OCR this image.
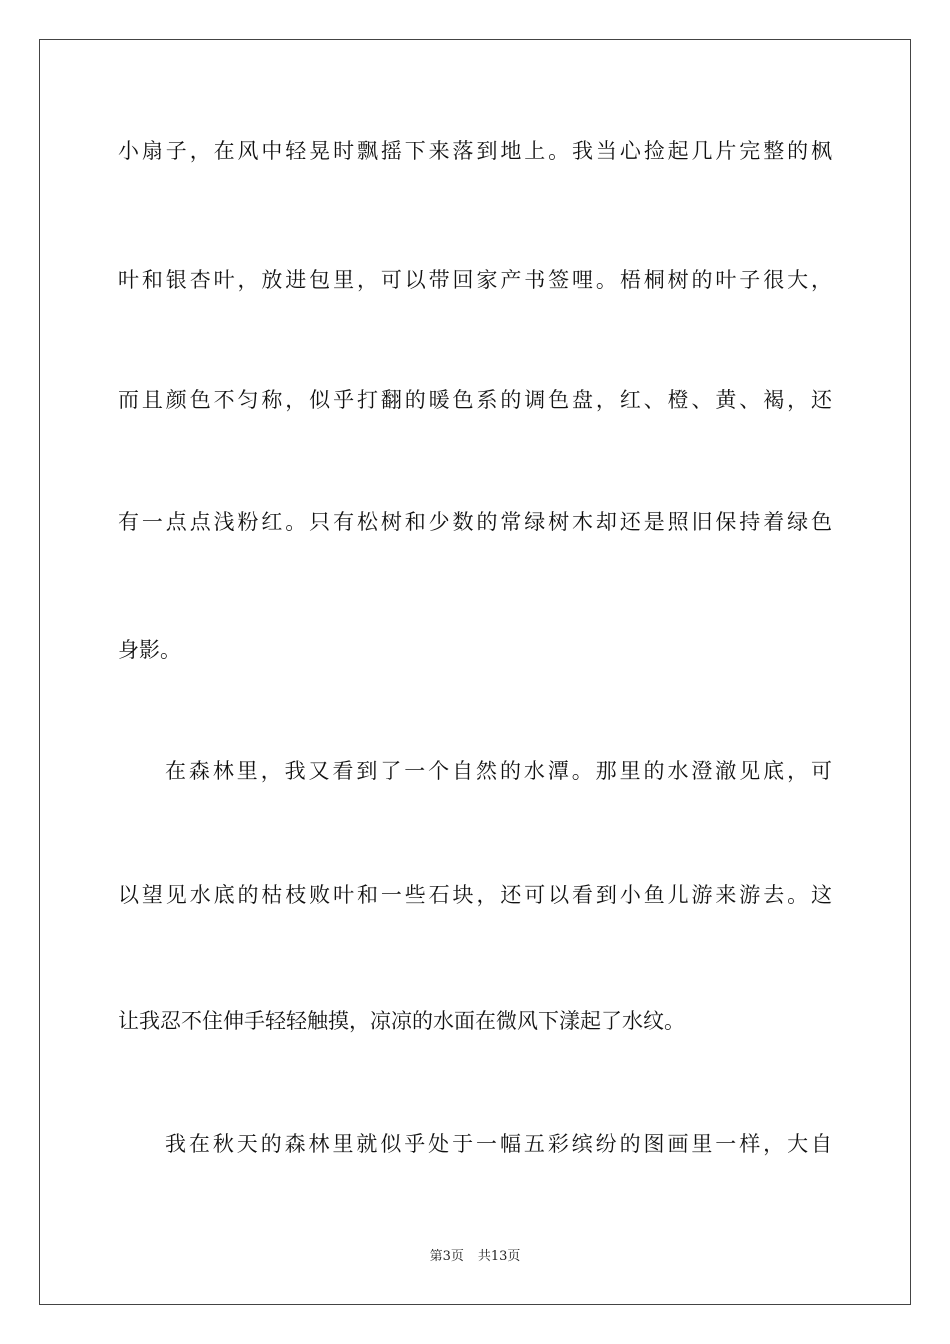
小扇子，在风中轻晃时飘摇下来落到地上。我当心捡起几片完整的枫
叶和银杏叶，放进包里，可以带回家产书签哩。梧桐树的叶子很大，
而且颜色不匀称，似乎打翻的暖色系的调色盘，红、橙、黄、褐，还
有一点点浅粉红。只有松树和少数的常绿树木却还是照旧保持着绿色
身影。
在森林里，我又看到了一个自然的水潭。那里的水澄澈见底，可
以望见水底的枯枝败叶和一些石块，还可以看到小鱼儿游来游去。这
让我忍不住伸手轻轻触摸，凉凉的水面在微风下漾起了水纹。
我在秋天的森林里就似乎处于一幅五彩缤纷的图画里一样，大自
第3页 共13页
